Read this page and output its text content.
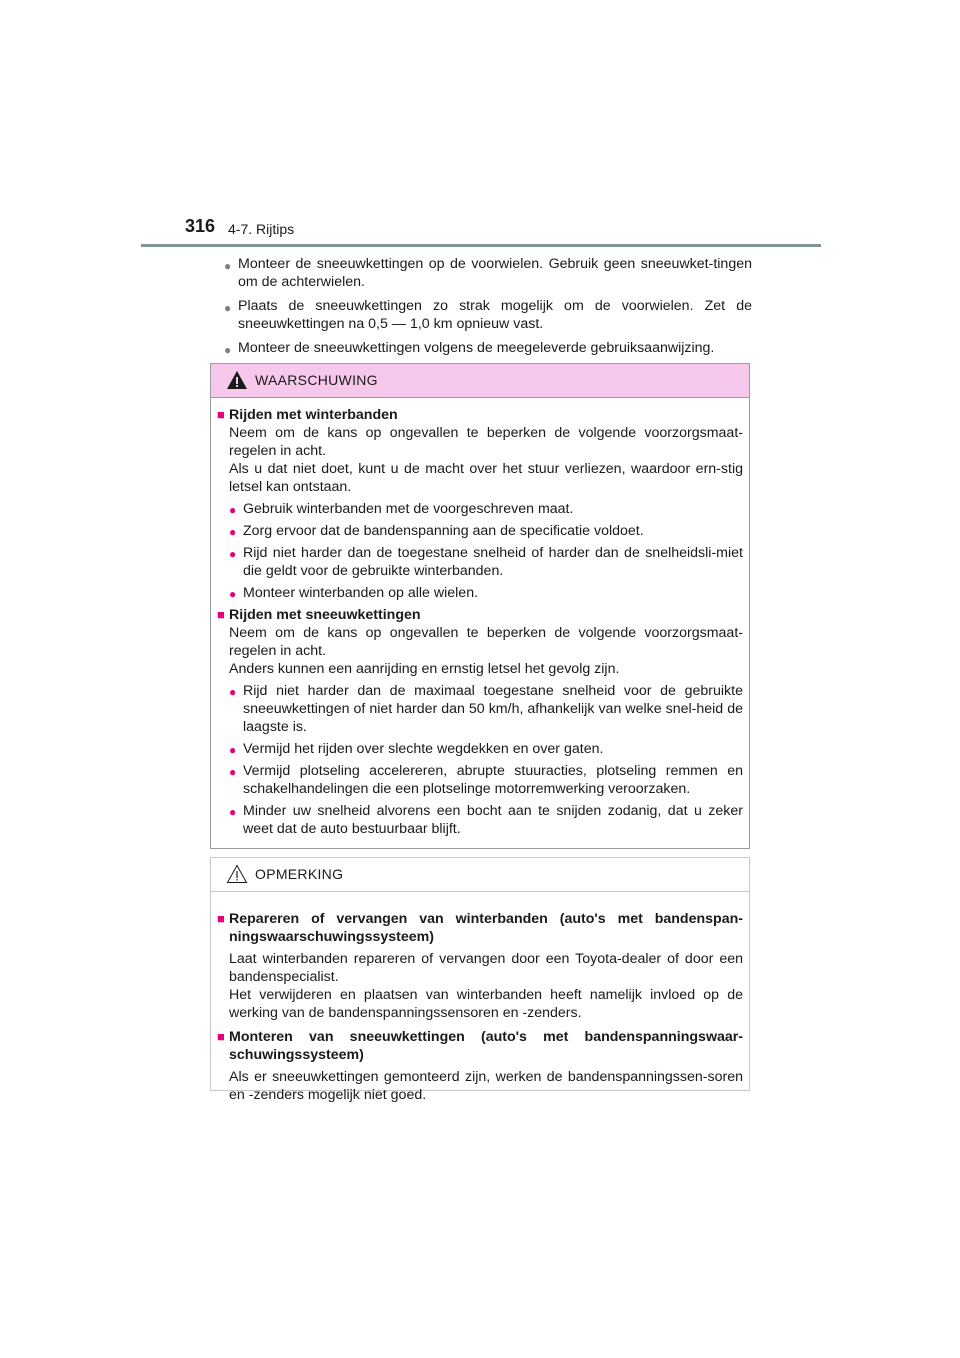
316 4-7. Rijtips
● Monteer de sneeuwkettingen op de voorwielen. Gebruik geen sneeuwket-tingen om de achterwielen.
● Plaats de sneeuwkettingen zo strak mogelijk om de voorwielen. Zet de sneeuwkettingen na 0,5 — 1,0 km opnieuw vast.
● Monteer de sneeuwkettingen volgens de meegeleverde gebruiksaanwijzing.
WAARSCHUWING
■ Rijden met winterbanden
Neem om de kans op ongevallen te beperken de volgende voorzorgsmaat-regelen in acht.
Als u dat niet doet, kunt u de macht over het stuur verliezen, waardoor ern-stig letsel kan ontstaan.
● Gebruik winterbanden met de voorgeschreven maat.
● Zorg ervoor dat de bandenspanning aan de specificatie voldoet.
● Rijd niet harder dan de toegestane snelheid of harder dan de snelheidsli-miet die geldt voor de gebruikte winterbanden.
● Monteer winterbanden op alle wielen.
■ Rijden met sneeuwkettingen
Neem om de kans op ongevallen te beperken de volgende voorzorgsmaat-regelen in acht.
Anders kunnen een aanrijding en ernstig letsel het gevolg zijn.
● Rijd niet harder dan de maximaal toegestane snelheid voor de gebruikte sneeuwkettingen of niet harder dan 50 km/h, afhankelijk van welke snel-heid de laagste is.
● Vermijd het rijden over slechte wegdekken en over gaten.
● Vermijd plotseling accelereren, abrupte stuuracties, plotseling remmen en schakelhandelingen die een plotselinge motorremwerking veroorzaken.
● Minder uw snelheid alvorens een bocht aan te snijden zodanig, dat u zeker weet dat de auto bestuurbaar blijft.
OPMERKING
■ Repareren of vervangen van winterbanden (auto's met bandenspan-ningswaarschuwingssysteem)
Laat winterbanden repareren of vervangen door een Toyota-dealer of door een bandenspecialist.
Het verwijderen en plaatsen van winterbanden heeft namelijk invloed op de werking van de bandenspanningssensoren en -zenders.
■ Monteren van sneeuwkettingen (auto's met bandenspanningswaar-schuwingssysteem)
Als er sneeuwkettingen gemonteerd zijn, werken de bandenspanningssen-soren en -zenders mogelijk niet goed.
